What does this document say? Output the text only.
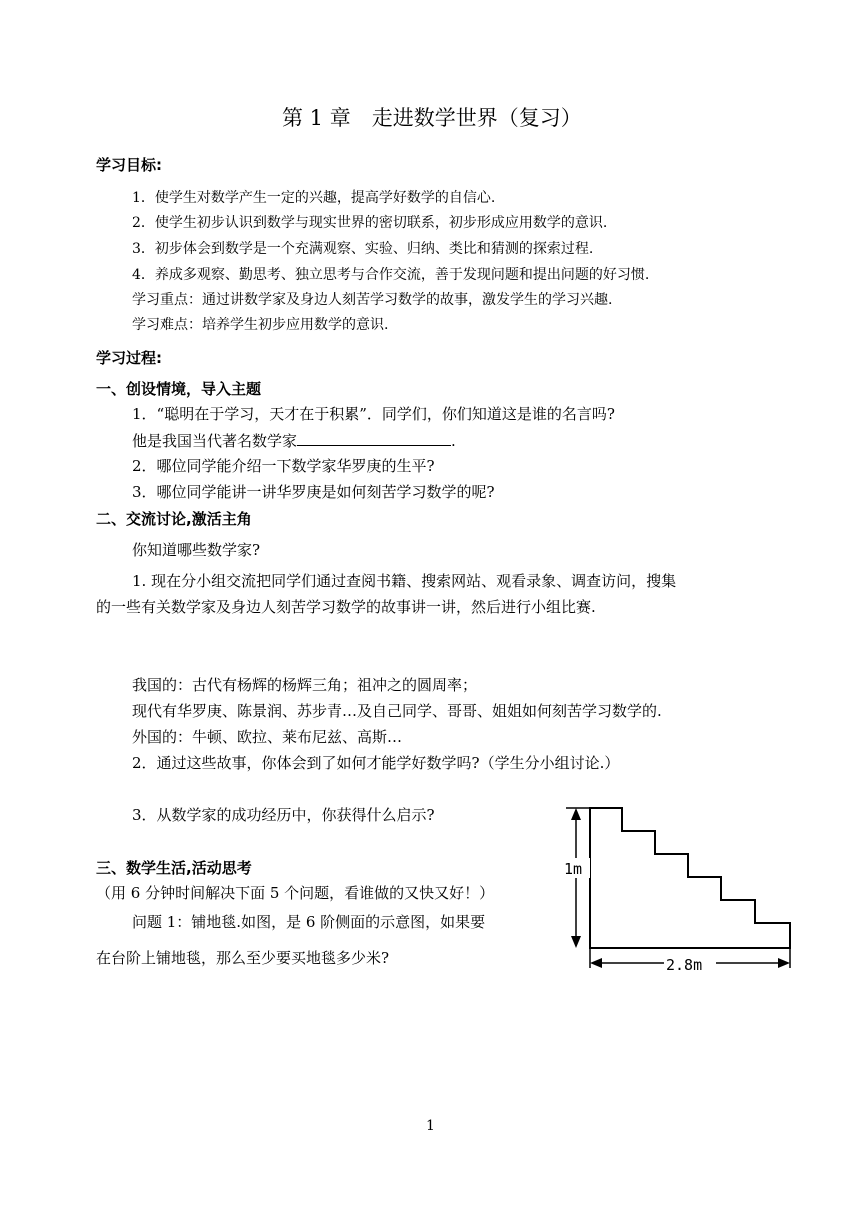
第 1 章　走进数学世界（复习）
学习目标:
1．使学生对数学产生一定的兴趣，提高学好数学的自信心.
2．使学生初步认识到数学与现实世界的密切联系，初步形成应用数学的意识.
3．初步体会到数学是一个充满观察、实验、归纳、类比和猜测的探索过程.
4．养成多观察、勤思考、独立思考与合作交流，善于发现问题和提出问题的好习惯.
学习重点：通过讲数学家及身边人刻苦学习数学的故事，激发学生的学习兴趣.
学习难点：培养学生初步应用数学的意识.
学习过程:
一、创设情境，导入主题
1．“聪明在于学习，天才在于积累”．同学们，你们知道这是谁的名言吗?
他是我国当代著名数学家	.
2．哪位同学能介绍一下数学家华罗庚的生平?
3．哪位同学能讲一讲华罗庚是如何刻苦学习数学的呢?
二、交流讨论,激活主角
你知道哪些数学家?
1. 现在分小组交流把同学们通过查阅书籍、搜索网站、观看录象、调查访问，搜集
的一些有关数学家及身边人刻苦学习数学的故事讲一讲，然后进行小组比赛.
我国的：古代有杨辉的杨辉三角；祖冲之的圆周率；
现代有华罗庚、陈景润、苏步青…及自己同学、哥哥、姐姐如何刻苦学习数学的.
外国的：牛顿、欧拉、莱布尼兹、高斯…
2．通过这些故事，你体会到了如何才能学好数学吗?（学生分小组讨论.）
3．从数学家的成功经历中，你获得什么启示?
三、数学生活,活动思考
（用 6 分钟时间解决下面 5 个问题，看谁做的又快又好！）
问题 1：铺地毯.如图，是 6 阶侧面的示意图，如果要
在台阶上铺地毯，那么至少要买地毯多少米?
1m
2.8m
1
